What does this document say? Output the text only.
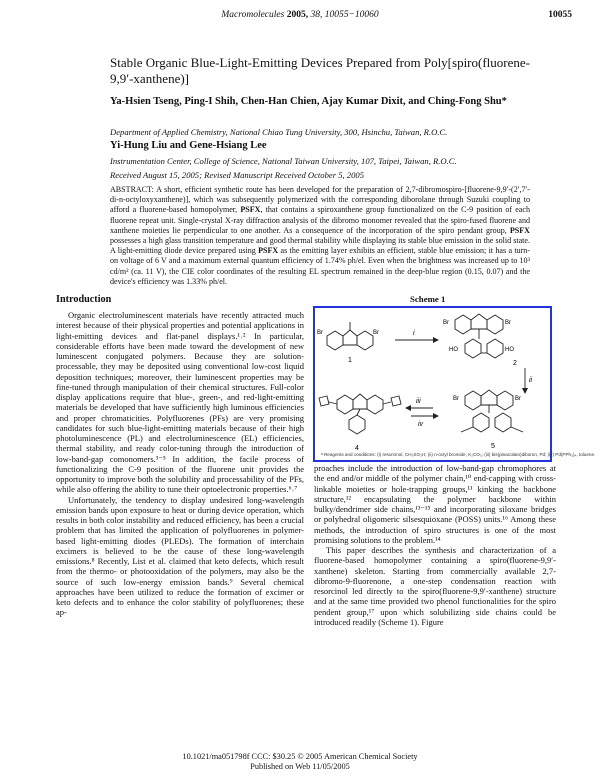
Macromolecules 2005, 38, 10055−10060	10055
Stable Organic Blue-Light-Emitting Devices Prepared from Poly[spiro(fluorene-9,9′-xanthene)]
Ya-Hsien Tseng, Ping-I Shih, Chen-Han Chien, Ajay Kumar Dixit, and Ching-Fong Shu*
Department of Applied Chemistry, National Chiao Tung University, 300, Hsinchu, Taiwan, R.O.C.
Yi-Hung Liu and Gene-Hsiang Lee
Instrumentation Center, College of Science, National Taiwan University, 107, Taipei, Taiwan, R.O.C.
Received August 15, 2005; Revised Manuscript Received October 5, 2005
ABSTRACT: A short, efficient synthetic route has been developed for the preparation of 2,7-dibromospiro-[fluorene-9,9′-(2′,7′-di-n-octyloxyxanthene)], which was subsequently polymerized with the corresponding diborolane through Suzuki coupling to afford a fluorene-based homopolymer, PSFX, that contains a spiroxanthene group functionalized on the C-9 position of each fluorene repeat unit. Single-crystal X-ray diffraction analysis of the dibromo monomer revealed that the spiro-fused fluorene and xanthene moieties lie perpendicular to one another. As a consequence of the incorporation of the spiro pendant group, PSFX possesses a high glass transition temperature and good thermal stability while displaying its stable blue emission in the solid state. A light-emitting diode device prepared using PSFX as the emitting layer exhibits an efficient, stable blue emission; it has a turn-on voltage of 6 V and a maximum external quantum efficiency of 1.74% ph/el. Even when the brightness was increased up to 10³ cd/m² (ca. 11 V), the CIE color coordinates of the resulting EL spectrum remained in the deep-blue region (0.15, 0.07) and the device's efficiency was 1.33% ph/el.
Introduction

Organic electroluminescent materials have recently attracted much interest because of their physical properties and potential applications in light-emitting devices and flat-panel displays.¹˒² In particular, considerable efforts have been made toward the development of new luminescent conjugated polymers. Because they are solution-processable, they may be deposited using conventional low-cost liquid deposition techniques; moreover, their luminescent properties may be fine-tuned through manipulation of their chemical structures. Full-color display applications require that blue-, green-, and red-light-emitting materials be developed that have sufficiently high luminous efficiencies and proper chromaticities. Polyfluorenes (PFs) are very promising candidates for such blue-light-emitting materials because of their high photoluminescence (PL) and electroluminescence (EL) efficiencies, thermal stability, and ready color-tuning through the introduction of low-band-gap comonomers.³⁻⁵ In addition, the facile process of functionalizing the C-9 position of the fluorene unit provides the opportunity to improve both the solubility and processability of the PFs, while also offering the ability to tune their optoelectronic properties.⁶˒⁷

Unfortunately, the tendency to display undesired long-wavelength emission bands upon exposure to heat or during device operation, which results in both color instability and reduced efficiency, has been a crucial problem that has limited the application of polyfluorenes in polymer-based light-emitting diodes (PLEDs). The formation of interchain excimers is believed to be the cause of these long-wavelength emissions.⁸ Recently, List et al. claimed that keto defects, which result from the thermo- or photooxidation of the polymers, may also be the source of such low-energy emission bands.⁹ Several chemical approaches have been utilized to reduce the formation of excimer or keto defects and to enhance the color stability of polyfluorenes; these ap-

Scheme 1
Br	Br
1
i
Br	Br
HO	HO
2
ii
4
iii
iv
Br	Br
5
ᵃ Reagents and conditions: (i) resorcinol, CH₃SO₃H; (ii) n-octyl bromide, K₂CO₃; (iii) bis(pinacolato)diboron, Pd; (iv) Pd(PPh₃)₄, toluene.

proaches include the introduction of low-band-gap chromophores at the end and/or middle of the polymer chain,¹⁰ end-capping with cross-linkable moieties or hole-trapping groups,¹¹ kinking the backbone structure,¹² encapsulating the polymer backbone within bulky/dendrimer side chains,¹³⁻¹⁵ and incorporating siloxane bridges or polyhedral oligomeric silsesquioxane (POSS) units.¹⁶ Among these methods, the introduction of spiro structures is one of the most promising solutions to the problem.¹⁴

This paper describes the synthesis and characterization of a fluorene-based homopolymer containing a spiro(fluorene-9,9′-xanthene) skeleton. Starting from commercially available 2,7-dibromo-9-fluorenone, a one-step condensation reaction with resorcinol led directly to the spiro(fluorene-9,9′-xanthene) structure and at the same time provided two phenol functionalities for the spiro pendent group,¹⁷ upon which solubilizing side chains could be introduced readily (Scheme 1). Figure

10.1021/ma051798f CCC: $30.25 © 2005 American Chemical Society
Published on Web 11/05/2005
